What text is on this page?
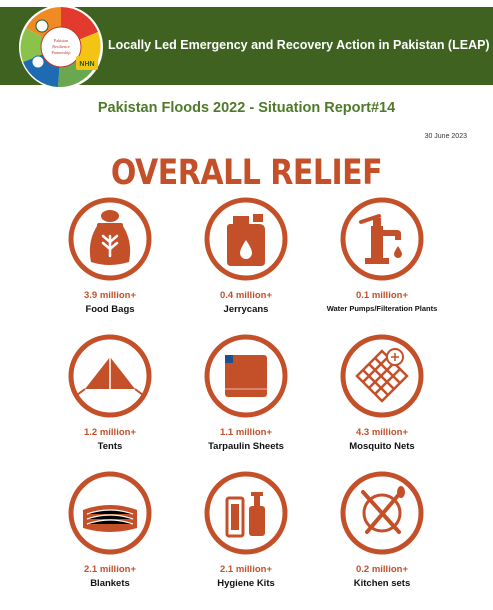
Locally Led Emergency and Recovery Action in Pakistan (LEAP)
Pakistan
Resilience
Partnership
NHN
Pakistan Floods 2022 - Situation Report#14
30 June 2023
OVERALL RELIEF
3.9 million+
Food Bags
0.4 million+
Jerrycans
0.1 million+
Water Pumps/Filteration Plants
1.2 million+
Tents
1.1 million+
Tarpaulin Sheets
4.3 million+
Mosquito Nets
2.1 million+
Blankets
2.1 million+
Hygiene Kits
0.2 million+
Kitchen sets
